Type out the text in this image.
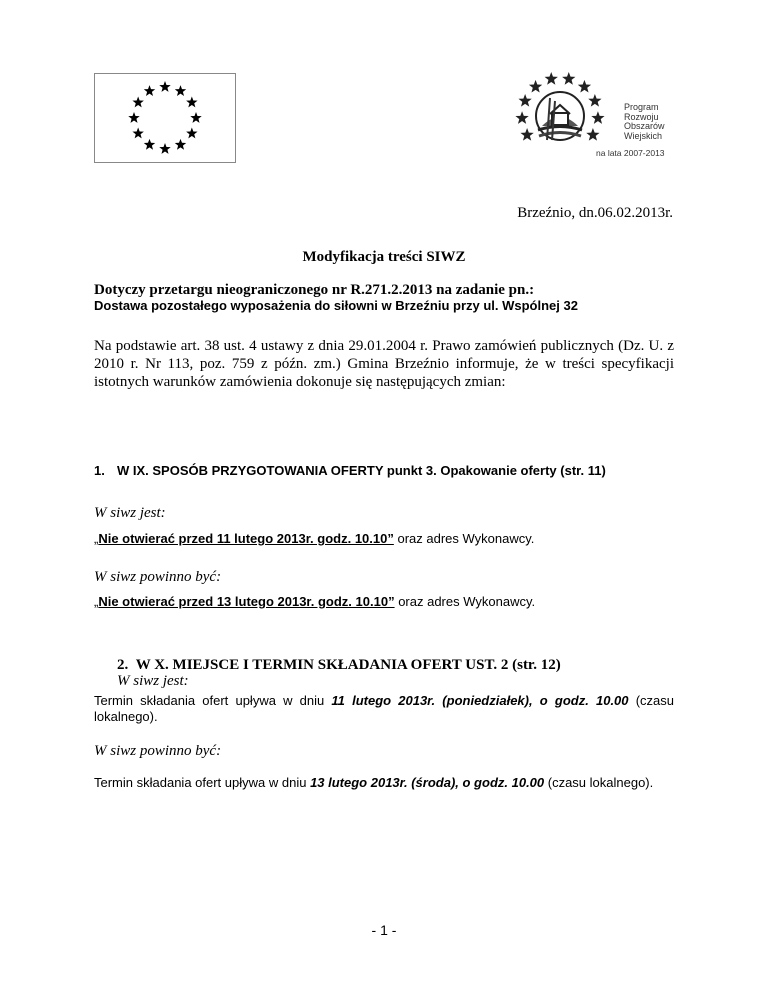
Program
Rozwoju
Obszarów
Wiejskich
na lata 2007-2013
Brzeźnio, dn.06.02.2013r.
Modyfikacja treści SIWZ
Dotyczy przetargu nieograniczonego nr R.271.2.2013 na zadanie pn.:
Dostawa pozostałego wyposażenia do siłowni w Brzeźniu przy ul. Wspólnej 32
Na podstawie art. 38 ust. 4 ustawy z dnia 29.01.2004 r. Prawo zamówień publicznych (Dz. U. z 2010 r. Nr 113, poz. 759 z późn. zm.) Gmina Brzeźnio informuje, że w treści specyfikacji istotnych warunków zamówienia dokonuje się następujących zmian:
1. W IX. SPOSÓB PRZYGOTOWANIA OFERTY punkt 3. Opakowanie oferty (str. 11)
W siwz jest:
„Nie otwierać przed 11 lutego 2013r. godz. 10.10” oraz adres Wykonawcy.
W siwz powinno być:
„Nie otwierać przed 13 lutego 2013r. godz. 10.10” oraz adres Wykonawcy.
2. W X. MIEJSCE I TERMIN SKŁADANIA OFERT UST. 2 (str. 12)
W siwz jest:
Termin składania ofert upływa w dniu 11 lutego 2013r. (poniedziałek), o godz. 10.00 (czasu lokalnego).
W siwz powinno być:
Termin składania ofert upływa w dniu 13 lutego 2013r. (środa), o godz. 10.00 (czasu lokalnego).
- 1 -
